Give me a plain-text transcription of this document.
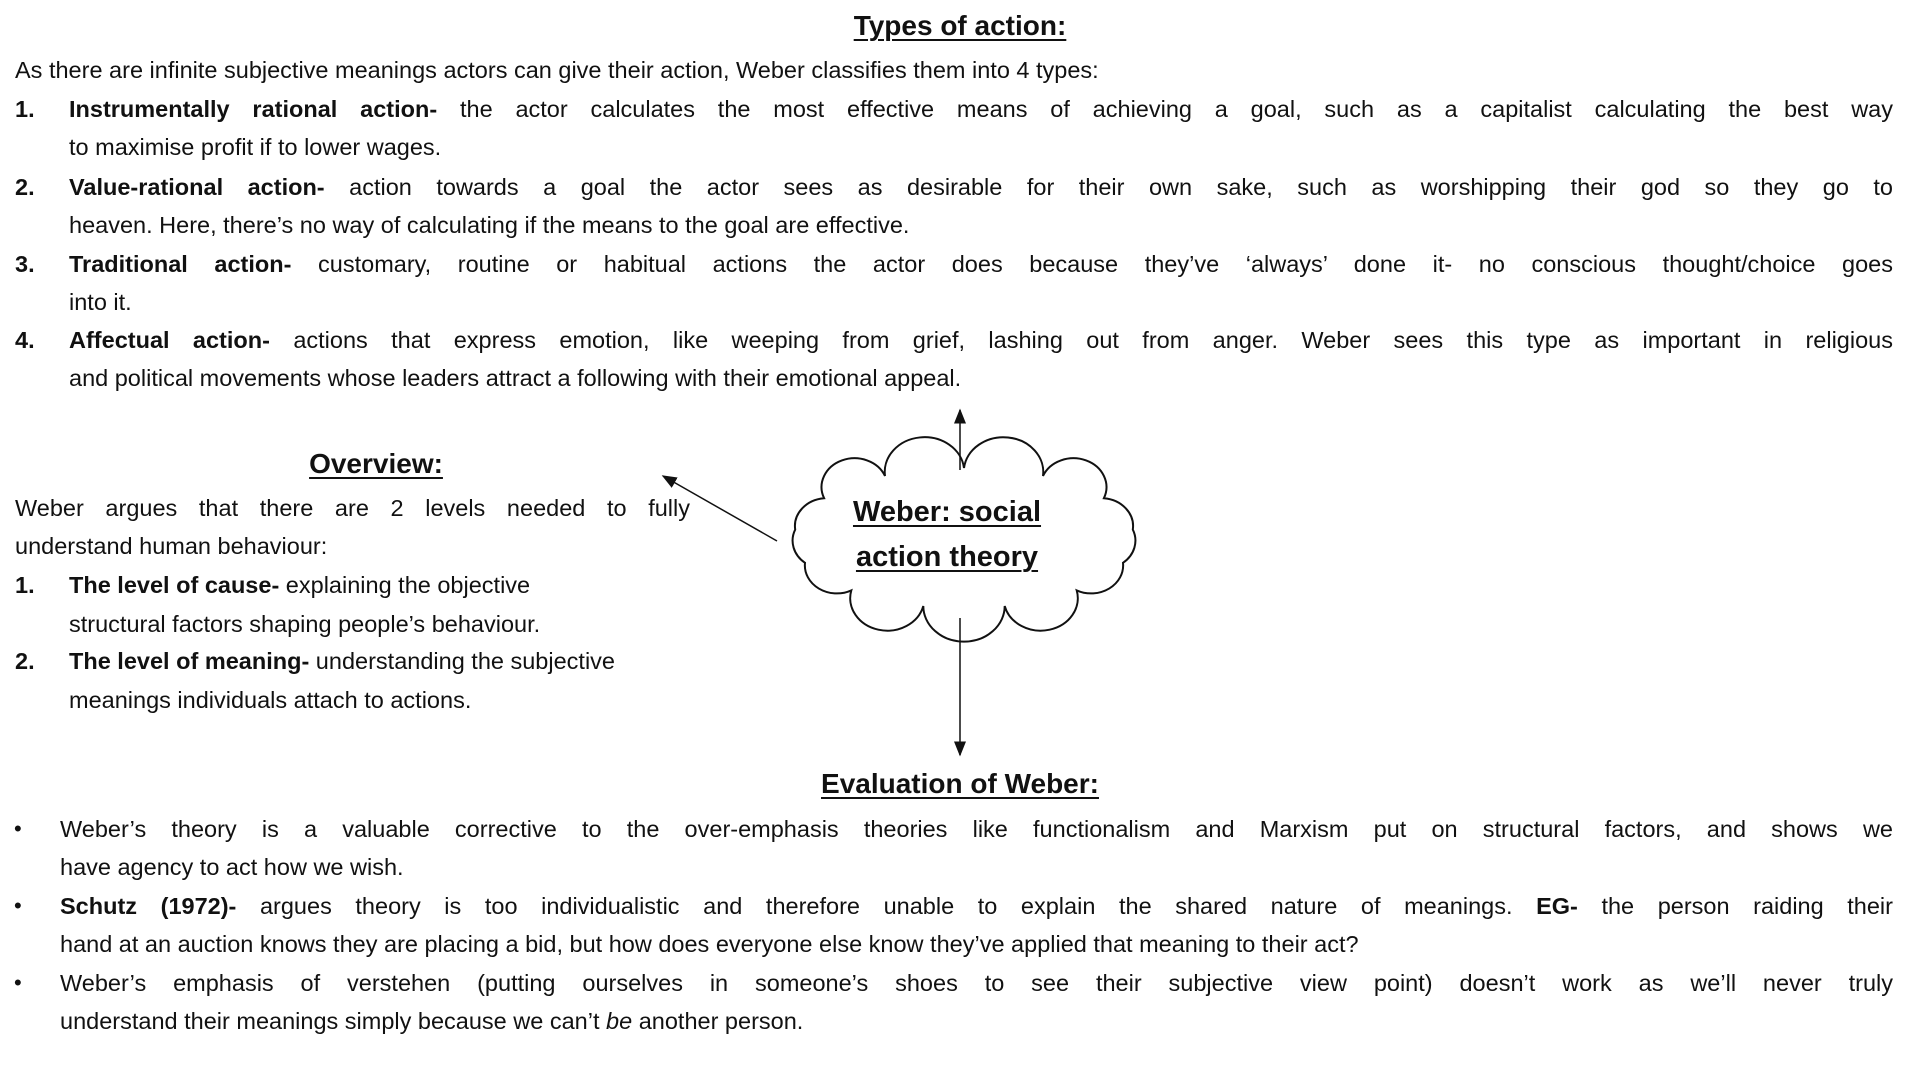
Types of action:
As there are infinite subjective meanings actors can give their action, Weber classifies them into 4 types:
1. Instrumentally rational action- the actor calculates the most effective means of achieving a goal, such as a capitalist calculating the best way
to maximise profit if to lower wages.
2. Value-rational action- action towards a goal the actor sees as desirable for their own sake, such as worshipping their god so they go to
heaven. Here, there’s no way of calculating if the means to the goal are effective.
3. Traditional action- customary, routine or habitual actions the actor does because they’ve ‘always’ done it- no conscious thought/choice goes
into it.
4. Affectual action- actions that express emotion, like weeping from grief, lashing out from anger. Weber sees this type as important in religious
and political movements whose leaders attract a following with their emotional appeal.
Overview:
Weber argues that there are 2 levels needed to fully
understand human behaviour:
1. The level of cause- explaining the objective
structural factors shaping people’s behaviour.
2. The level of meaning- understanding the subjective
meanings individuals attach to actions.
Weber: social
action theory
Evaluation of Weber:
• Weber’s theory is a valuable corrective to the over-emphasis theories like functionalism and Marxism put on structural factors, and shows we
have agency to act how we wish.
• Schutz (1972)- argues theory is too individualistic and therefore unable to explain the shared nature of meanings. EG- the person raiding their
hand at an auction knows they are placing a bid, but how does everyone else know they’ve applied that meaning to their act?
• Weber’s emphasis of verstehen (putting ourselves in someone’s shoes to see their subjective view point) doesn’t work as we’ll never truly
understand their meanings simply because we can’t be another person.
